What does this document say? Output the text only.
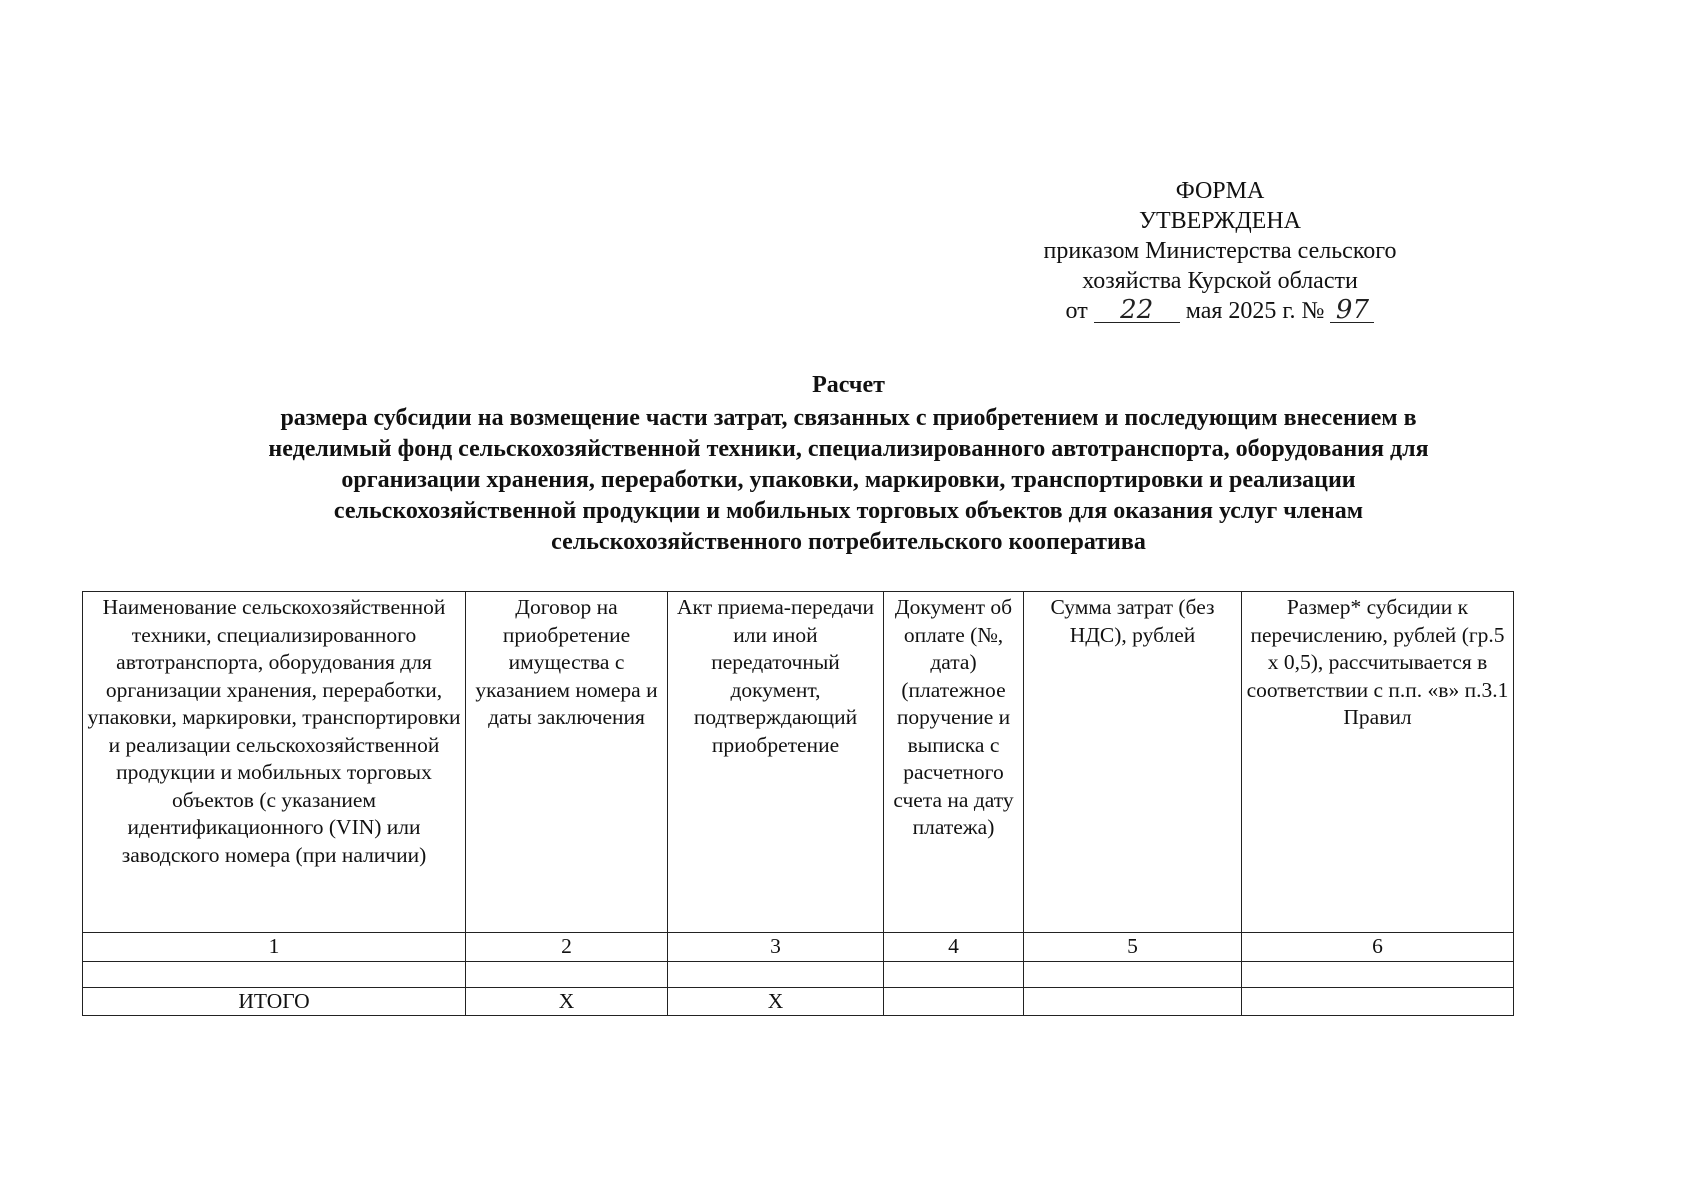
ФОРМА
УТВЕРЖДЕНА
приказом Министерства сельского
хозяйства Курской области
от 22 мая 2025 г. № 97
Расчет
размера субсидии на возмещение части затрат, связанных с приобретением и последующим внесением в
неделимый фонд сельскохозяйственной техники, специализированного автотранспорта, оборудования для
организации хранения, переработки, упаковки, маркировки, транспортировки и реализации
сельскохозяйственной продукции и мобильных торговых объектов для оказания услуг членам
сельскохозяйственного потребительского кооператива
Наименование сельскохозяйственной техники, специализированного автотранспорта, оборудования для организации хранения, переработки, упаковки, маркировки, транспортировки и реализации сельскохозяйственной продукции и мобильных торговых объектов (с указанием идентификационного (VIN) или заводского номера (при наличии)	Договор на приобретение имущества с указанием номера и даты заключения	Акт приема-передачи или иной передаточный документ, подтверждающий приобретение	Документ об оплате (№, дата) (платежное поручение и выписка с расчетного счета на дату платежа)	Сумма затрат (без НДС), рублей	Размер* субсидии к перечислению, рублей (гр.5 х 0,5), рассчитывается в соответствии с п.п. «в» п.3.1 Правил
1	2	3	4	5	6

ИТОГО	Х	Х			
